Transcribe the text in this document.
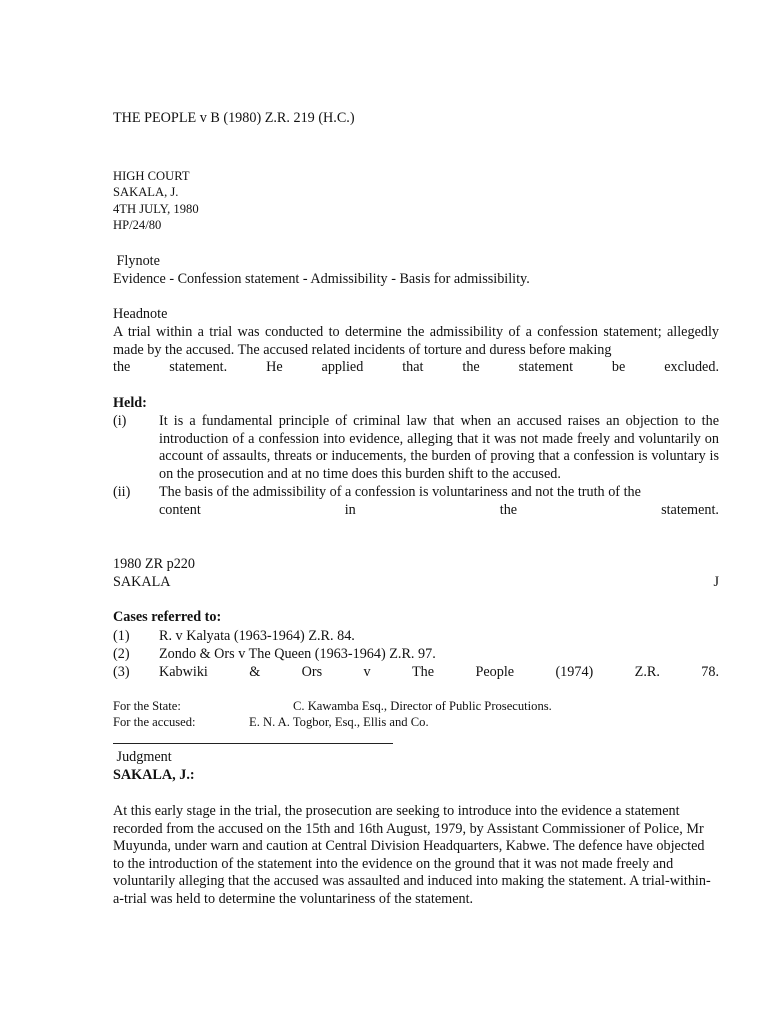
THE PEOPLE v B (1980) Z.R. 219 (H.C.)
HIGH COURT
SAKALA, J.
4TH JULY, 1980
HP/24/80
Flynote
Evidence - Confession statement - Admissibility - Basis for admissibility.
Headnote
A trial within a trial was conducted to determine the admissibility of a confession statement; allegedly made by the accused. The accused related incidents of torture and duress before making
the	statement.	He	applied	that	the	statement	be	excluded.
Held:
(i) It is a fundamental principle of criminal law that when an accused raises an objection to the introduction of a confession into evidence, alleging that it was not made freely and voluntarily on account of assaults, threats or inducements, the burden of proving that a confession is voluntary is on the prosecution and at no time does this burden shift to the accused.
(ii) The basis of the admissibility of a confession is voluntariness and not the truth of the
content	in	the	statement.
1980 ZR p220
SAKALA	J
Cases referred to:
(1) R. v Kalyata (1963-1964) Z.R. 84.
(2) Zondo & Ors v The Queen (1963-1964) Z.R. 97.
(3) Kabwiki	&	Ors	v	The	People	(1974)	Z.R.	78.
For the State:	C. Kawamba Esq., Director of Public Prosecutions.
For the accused:	E. N. A. Togbor, Esq., Ellis and Co.
Judgment
SAKALA, J.:
At this early stage in the trial, the prosecution are seeking to introduce into the evidence a statement recorded from the accused on the 15th and 16th August, 1979, by Assistant Commissioner of Police, Mr Muyunda, under warn and caution at Central Division Headquarters, Kabwe. The defence have objected to the introduction of the statement into the evidence on the ground that it was not made freely and voluntarily alleging that the accused was assaulted and induced into making the statement. A trial-within-a-trial was held to determine the voluntariness of the statement.
